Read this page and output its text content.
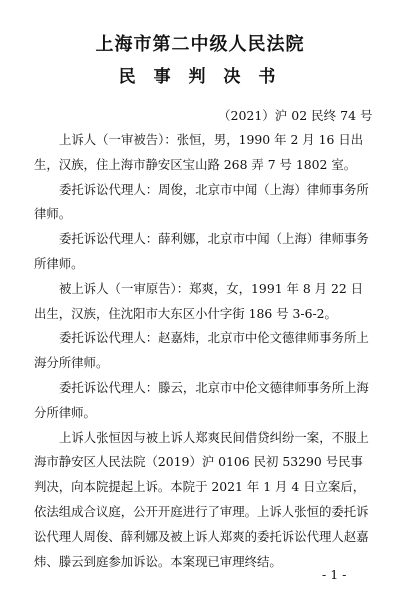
上海市第二中级人民法院
民 事 判 决 书
（2021）沪 02 民终 74 号

上诉人（一审被告）：张恒，男，1990 年 2 月 16 日出生，汉族，住上海市静安区宝山路 268 弄 7 号 1802 室。

委托诉讼代理人：周俊，北京市中闻（上海）律师事务所律师。

委托诉讼代理人：薛利娜，北京市中闻（上海）律师事务所律师。

被上诉人（一审原告）：郑爽，女，1991 年 8 月 22 日出生，汉族，住沈阳市大东区小什字街 186 号 3-6-2。

委托诉讼代理人：赵嘉炜，北京市中伦文德律师事务所上海分所律师。

委托诉讼代理人：滕云，北京市中伦文德律师事务所上海分所律师。

上诉人张恒因与被上诉人郑爽民间借贷纠纷一案，不服上海市静安区人民法院（2019）沪 0106 民初 53290 号民事判决，向本院提起上诉。本院于 2021 年 1 月 4 日立案后，依法组成合议庭，公开开庭进行了审理。上诉人张恒的委托诉讼代理人周俊、薛利娜及被上诉人郑爽的委托诉讼代理人赵嘉炜、滕云到庭参加诉讼。本案现已审理终结。

- 1 -
